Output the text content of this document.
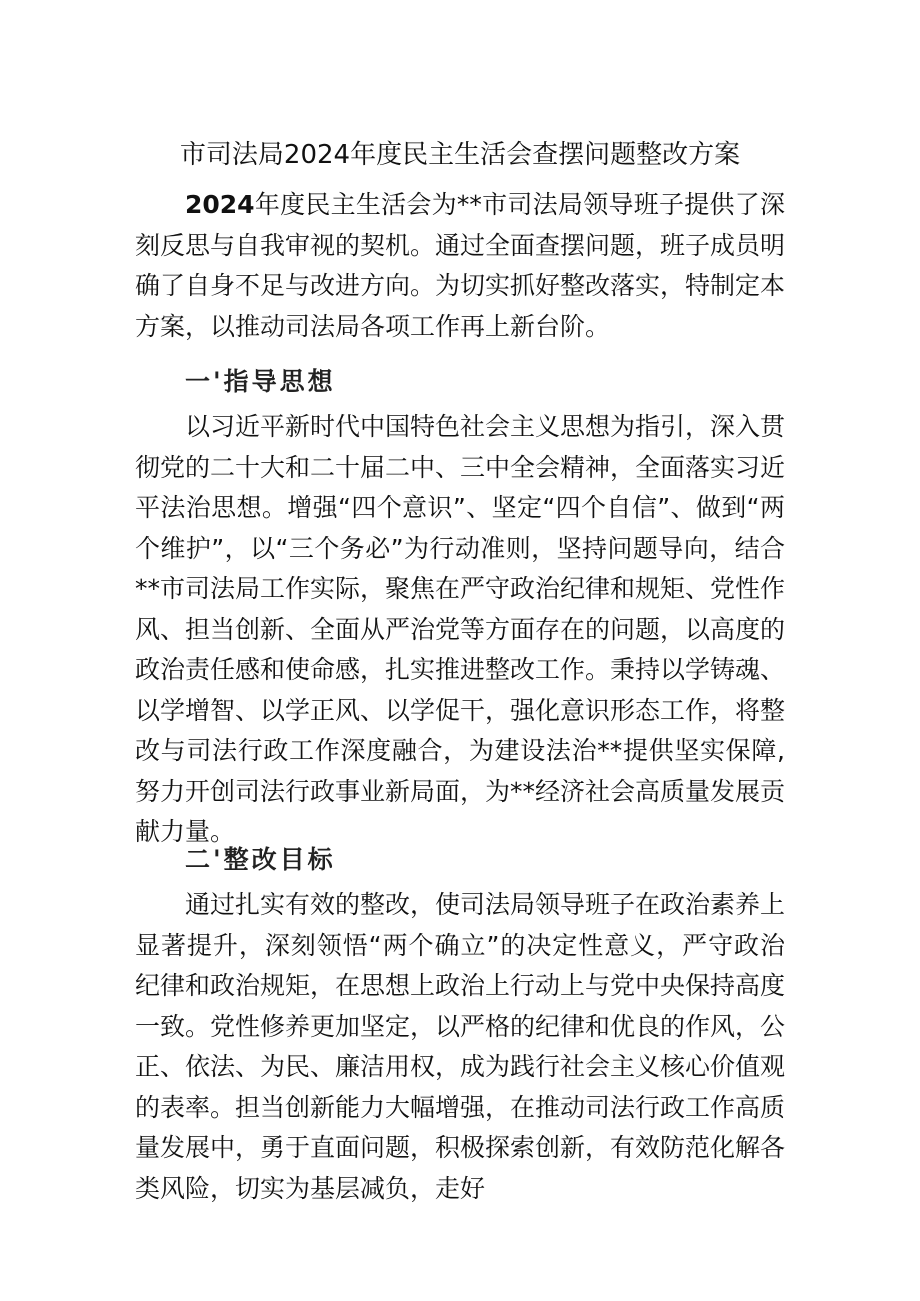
市司法局2024年度民主生活会查摆问题整改方案

2024年度民主生活会为**市司法局领导班子提供了深刻反思与自我审视的契机。通过全面查摆问题，班子成员明确了自身不足与改进方向。为切实抓好整改落实，特制定本方案，以推动司法局各项工作再上新台阶。

一'指导思想

以习近平新时代中国特色社会主义思想为指引，深入贯彻党的二十大和二十届二中、三中全会精神，全面落实习近平法治思想。增强“四个意识”、坚定“四个自信”、做到“两个维护”，以“三个务必”为行动准则，坚持问题导向，结合**市司法局工作实际，聚焦在严守政治纪律和规矩、党性作风、担当创新、全面从严治党等方面存在的问题，以高度的政治责任感和使命感，扎实推进整改工作。秉持以学铸魂、以学增智、以学正风、以学促干，强化意识形态工作，将整改与司法行政工作深度融合，为建设法治**提供坚实保障,努力开创司法行政事业新局面，为**经济社会高质量发展贡献力量。

二'整改目标

通过扎实有效的整改，使司法局领导班子在政治素养上显著提升，深刻领悟“两个确立”的决定性意义，严守政治纪律和政治规矩，在思想上政治上行动上与党中央保持高度一致。党性修养更加坚定，以严格的纪律和优良的作风，公正、依法、为民、廉洁用权，成为践行社会主义核心价值观的表率。担当创新能力大幅增强，在推动司法行政工作高质量发展中，勇于直面问题，积极探索创新，有效防范化解各类风险，切实为基层减负，走好
